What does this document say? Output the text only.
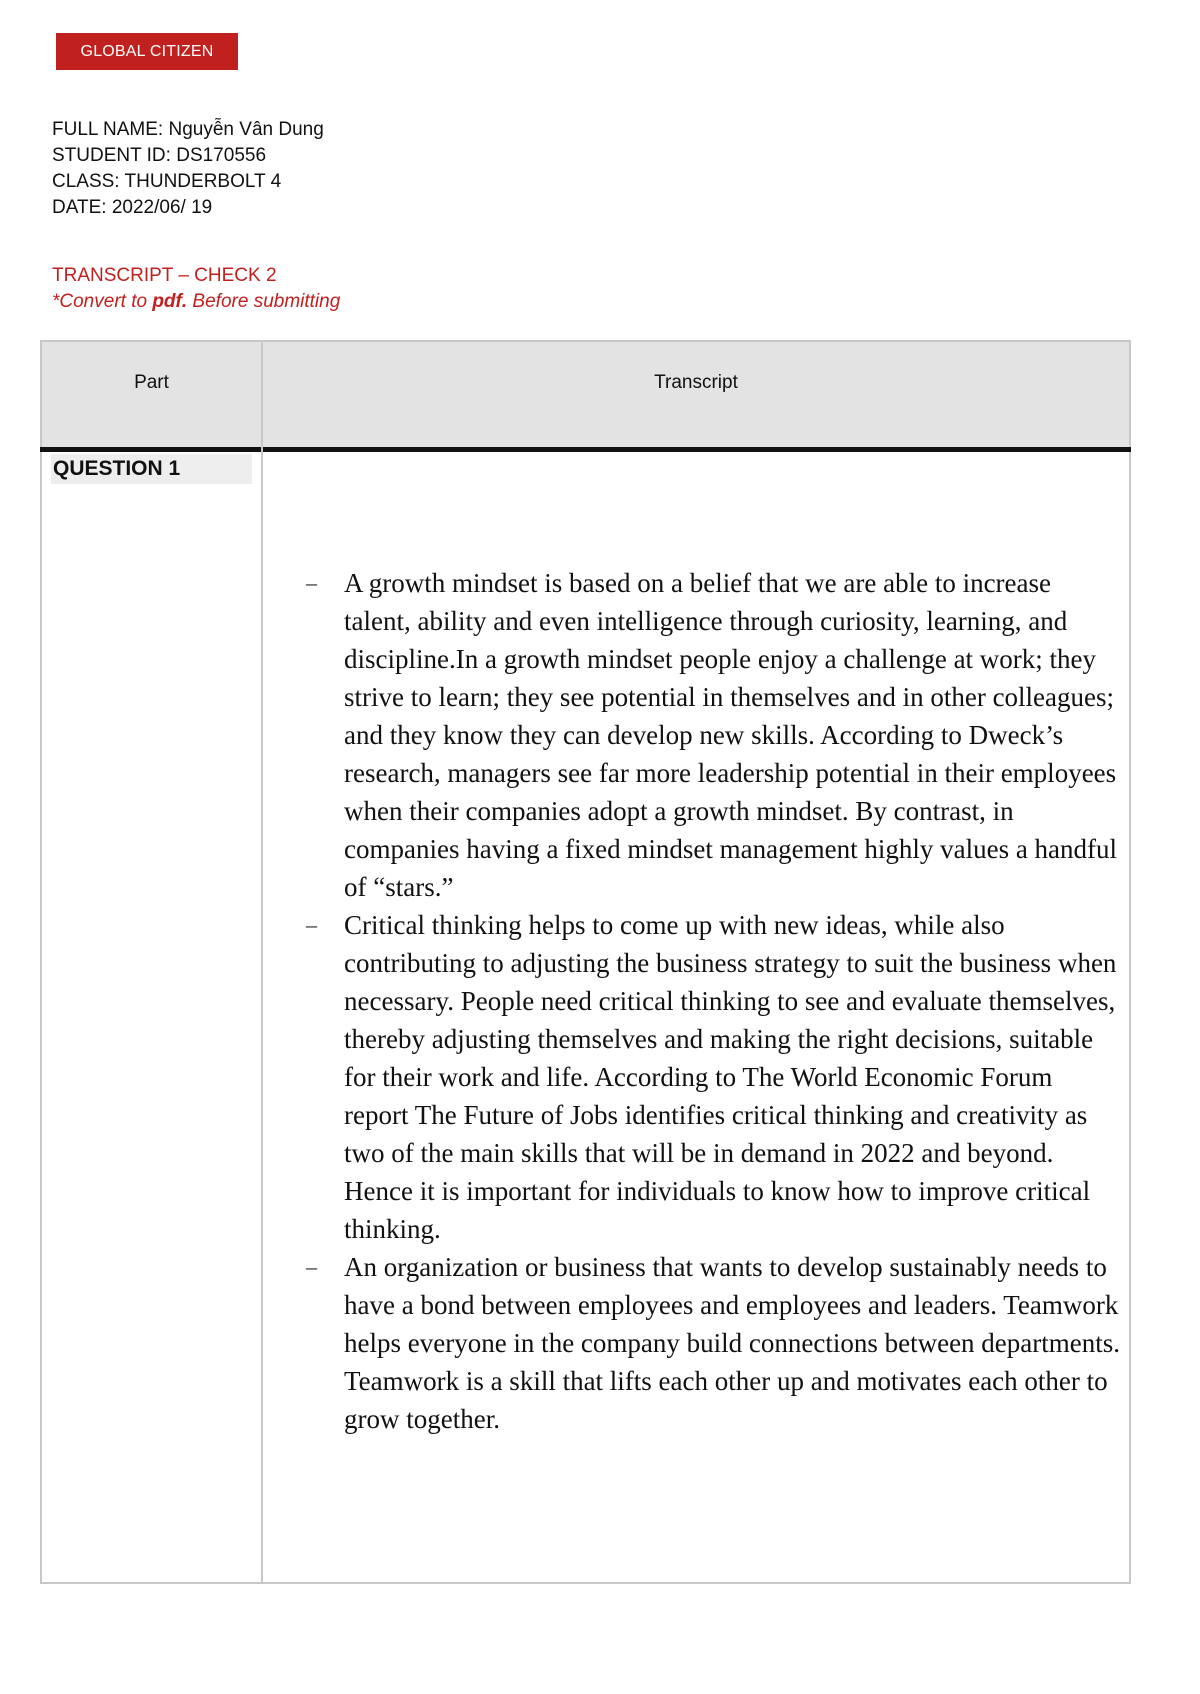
GLOBAL CITIZEN
FULL NAME: Nguyễn Vân Dung
STUDENT ID: DS170556
CLASS: THUNDERBOLT 4
DATE: 2022/06/ 19
TRANSCRIPT – CHECK 2
*Convert to pdf. Before submitting
Part	Transcript
QUESTION 1
– A growth mindset is based on a belief that we are able to increase talent, ability and even intelligence through curiosity, learning, and discipline.In a growth mindset people enjoy a challenge at work; they strive to learn; they see potential in themselves and in other colleagues; and they know they can develop new skills. According to Dweck’s research, managers see far more leadership potential in their employees when their companies adopt a growth mindset. By contrast, in companies having a fixed mindset management highly values a handful of “stars.”
– Critical thinking helps to come up with new ideas, while also contributing to adjusting the business strategy to suit the business when necessary. People need critical thinking to see and evaluate themselves, thereby adjusting themselves and making the right decisions, suitable for their work and life. According to The World Economic Forum report The Future of Jobs identifies critical thinking and creativity as two of the main skills that will be in demand in 2022 and beyond. Hence it is important for individuals to know how to improve critical thinking.
– An organization or business that wants to develop sustainably needs to have a bond between employees and employees and leaders. Teamwork helps everyone in the company build connections between departments. Teamwork is a skill that lifts each other up and motivates each other to grow together.
